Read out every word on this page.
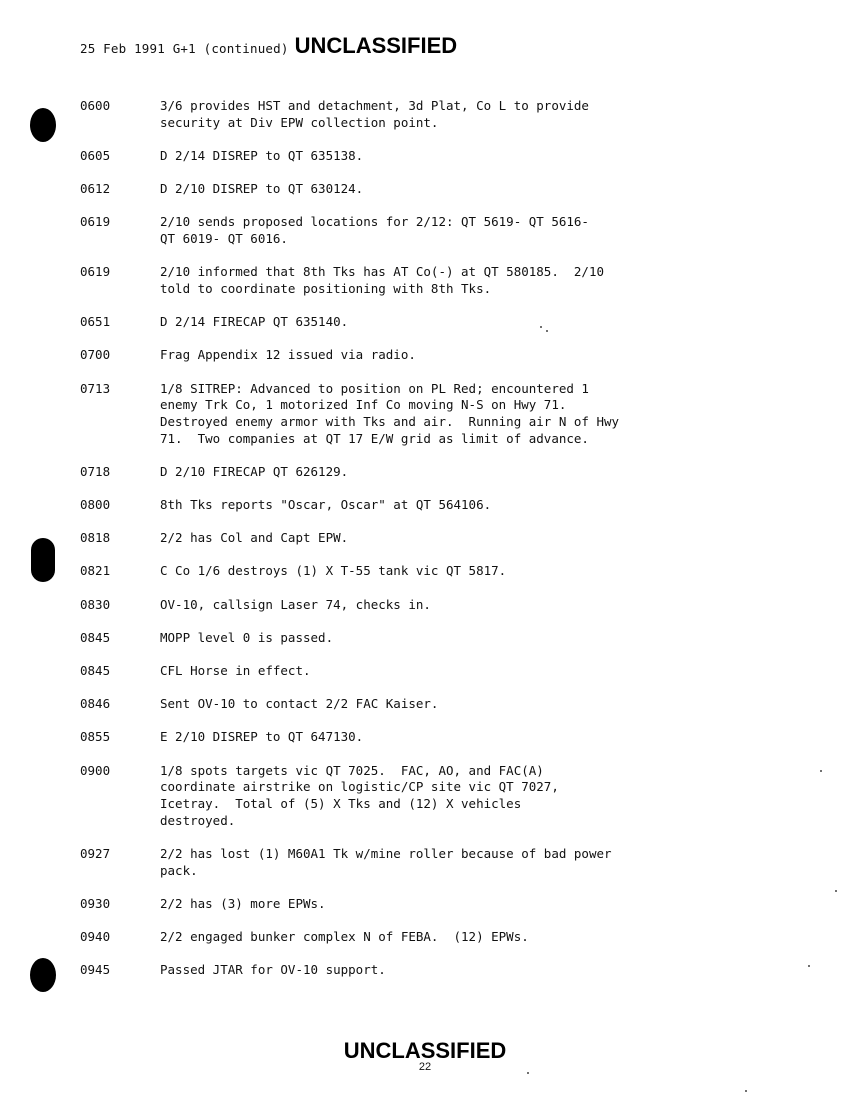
25 Feb 1991 G+1 (continued) UNCLASSIFIED
0600	3/6 provides HST and detachment, 3d Plat, Co L to provide
security at Div EPW collection point.
0605	D 2/14 DISREP to QT 635138.
0612	D 2/10 DISREP to QT 630124.
0619	2/10 sends proposed locations for 2/12: QT 5619- QT 5616-
QT 6019- QT 6016.
0619	2/10 informed that 8th Tks has AT Co(-) at QT 580185.  2/10
told to coordinate positioning with 8th Tks.
0651	D 2/14 FIRECAP QT 635140.
0700	Frag Appendix 12 issued via radio.
0713	1/8 SITREP: Advanced to position on PL Red; encountered 1
enemy Trk Co, 1 motorized Inf Co moving N-S on Hwy 71.
Destroyed enemy armor with Tks and air.  Running air N of Hwy
71.  Two companies at QT 17 E/W grid as limit of advance.
0718	D 2/10 FIRECAP QT 626129.
0800	8th Tks reports "Oscar, Oscar" at QT 564106.
0818	2/2 has Col and Capt EPW.
0821	C Co 1/6 destroys (1) X T-55 tank vic QT 5817.
0830	OV-10, callsign Laser 74, checks in.
0845	MOPP level 0 is passed.
0845	CFL Horse in effect.
0846	Sent OV-10 to contact 2/2 FAC Kaiser.
0855	E 2/10 DISREP to QT 647130.
0900	1/8 spots targets vic QT 7025.  FAC, AO, and FAC(A)
coordinate airstrike on logistic/CP site vic QT 7027,
Icetray.  Total of (5) X Tks and (12) X vehicles
destroyed.
0927	2/2 has lost (1) M60A1 Tk w/mine roller because of bad power
pack.
0930	2/2 has (3) more EPWs.
0940	2/2 engaged bunker complex N of FEBA.  (12) EPWs.
0945	Passed JTAR for OV-10 support.
UNCLASSIFIED
22
